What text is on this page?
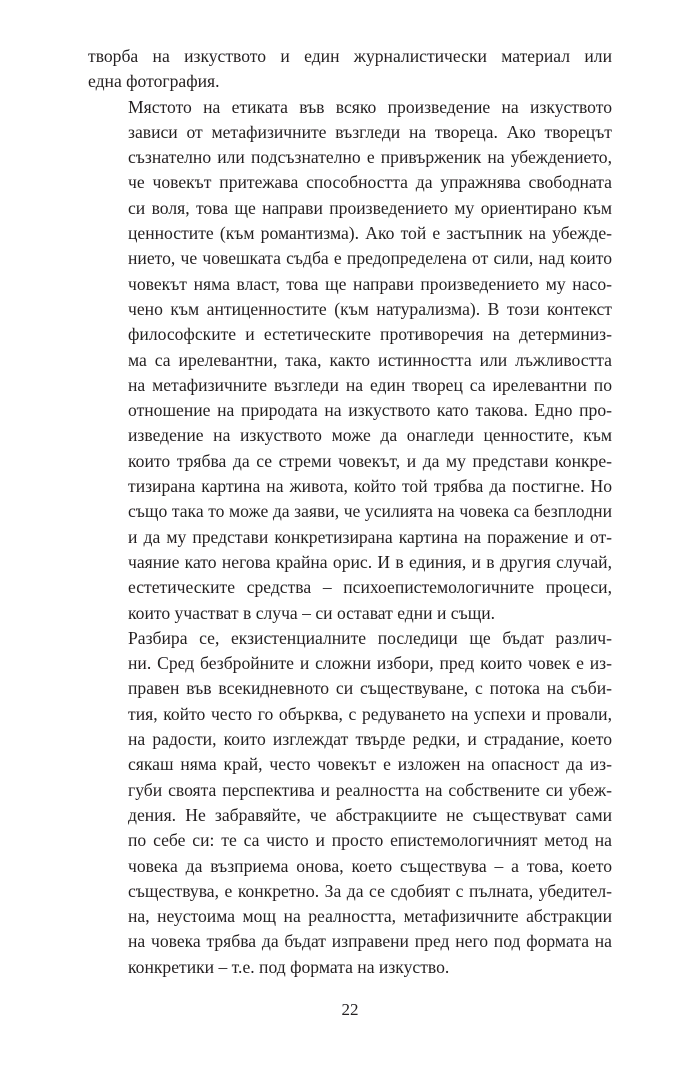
творба на изкуството и един журналистически материал или
една фотография.

Мястото на етиката във всяко произведение на изкуството
зависи от метафизичните възгледи на твореца. Ако творецът
съзнателно или подсъзнателно е привърженик на убеждението,
че човекът притежава способността да упражнява свободната
си воля, това ще направи произведението му ориентирано към
ценностите (към романтизма). Ако той е застъпник на убежде-
нието, че човешката съдба е предопределена от сили, над които
човекът няма власт, това ще направи произведението му насо-
чено към антиценностите (към натурализма). В този контекст
философските и естетическите противоречия на детерминиз-
ма са ирелевантни, така, както истинността или лъжливостта
на метафизичните възгледи на един творец са ирелевантни по
отношение на природата на изкуството като такова. Едно про-
изведение на изкуството може да онагледи ценностите, към
които трябва да се стреми човекът, и да му представи конкре-
тизирана картина на живота, който той трябва да постигне. Но
също така то може да заяви, че усилията на човека са безплодни
и да му представи конкретизирана картина на поражение и от-
чаяние като негова крайна орис. И в единия, и в другия случай,
естетическите средства – психоепистемологичните процеси,
които участват в случа – си остават едни и същи.

Разбира се, екзистенциалните последици ще бъдат различ-
ни. Сред безбройните и сложни избори, пред които човек е из-
правен във всекидневното си съществуване, с потока на съби-
тия, който често го обърква, с редуването на успехи и провали,
на радости, които изглеждат твърде редки, и страдание, което
сякаш няма край, често човекът е изложен на опасност да из-
губи своята перспектива и реалността на собствените си убеж-
дения. Не забравяйте, че абстракциите не съществуват сами
по себе си: те са чисто и просто епистемологичният метод на
човека да възприема онова, което съществува – а това, което
съществува, е конкретно. За да се сдобият с пълната, убедител-
на, неустоима мощ на реалността, метафизичните абстракции
на човека трябва да бъдат изправени пред него под формата на
конкретики – т.е. под формата на изкуство.

22
